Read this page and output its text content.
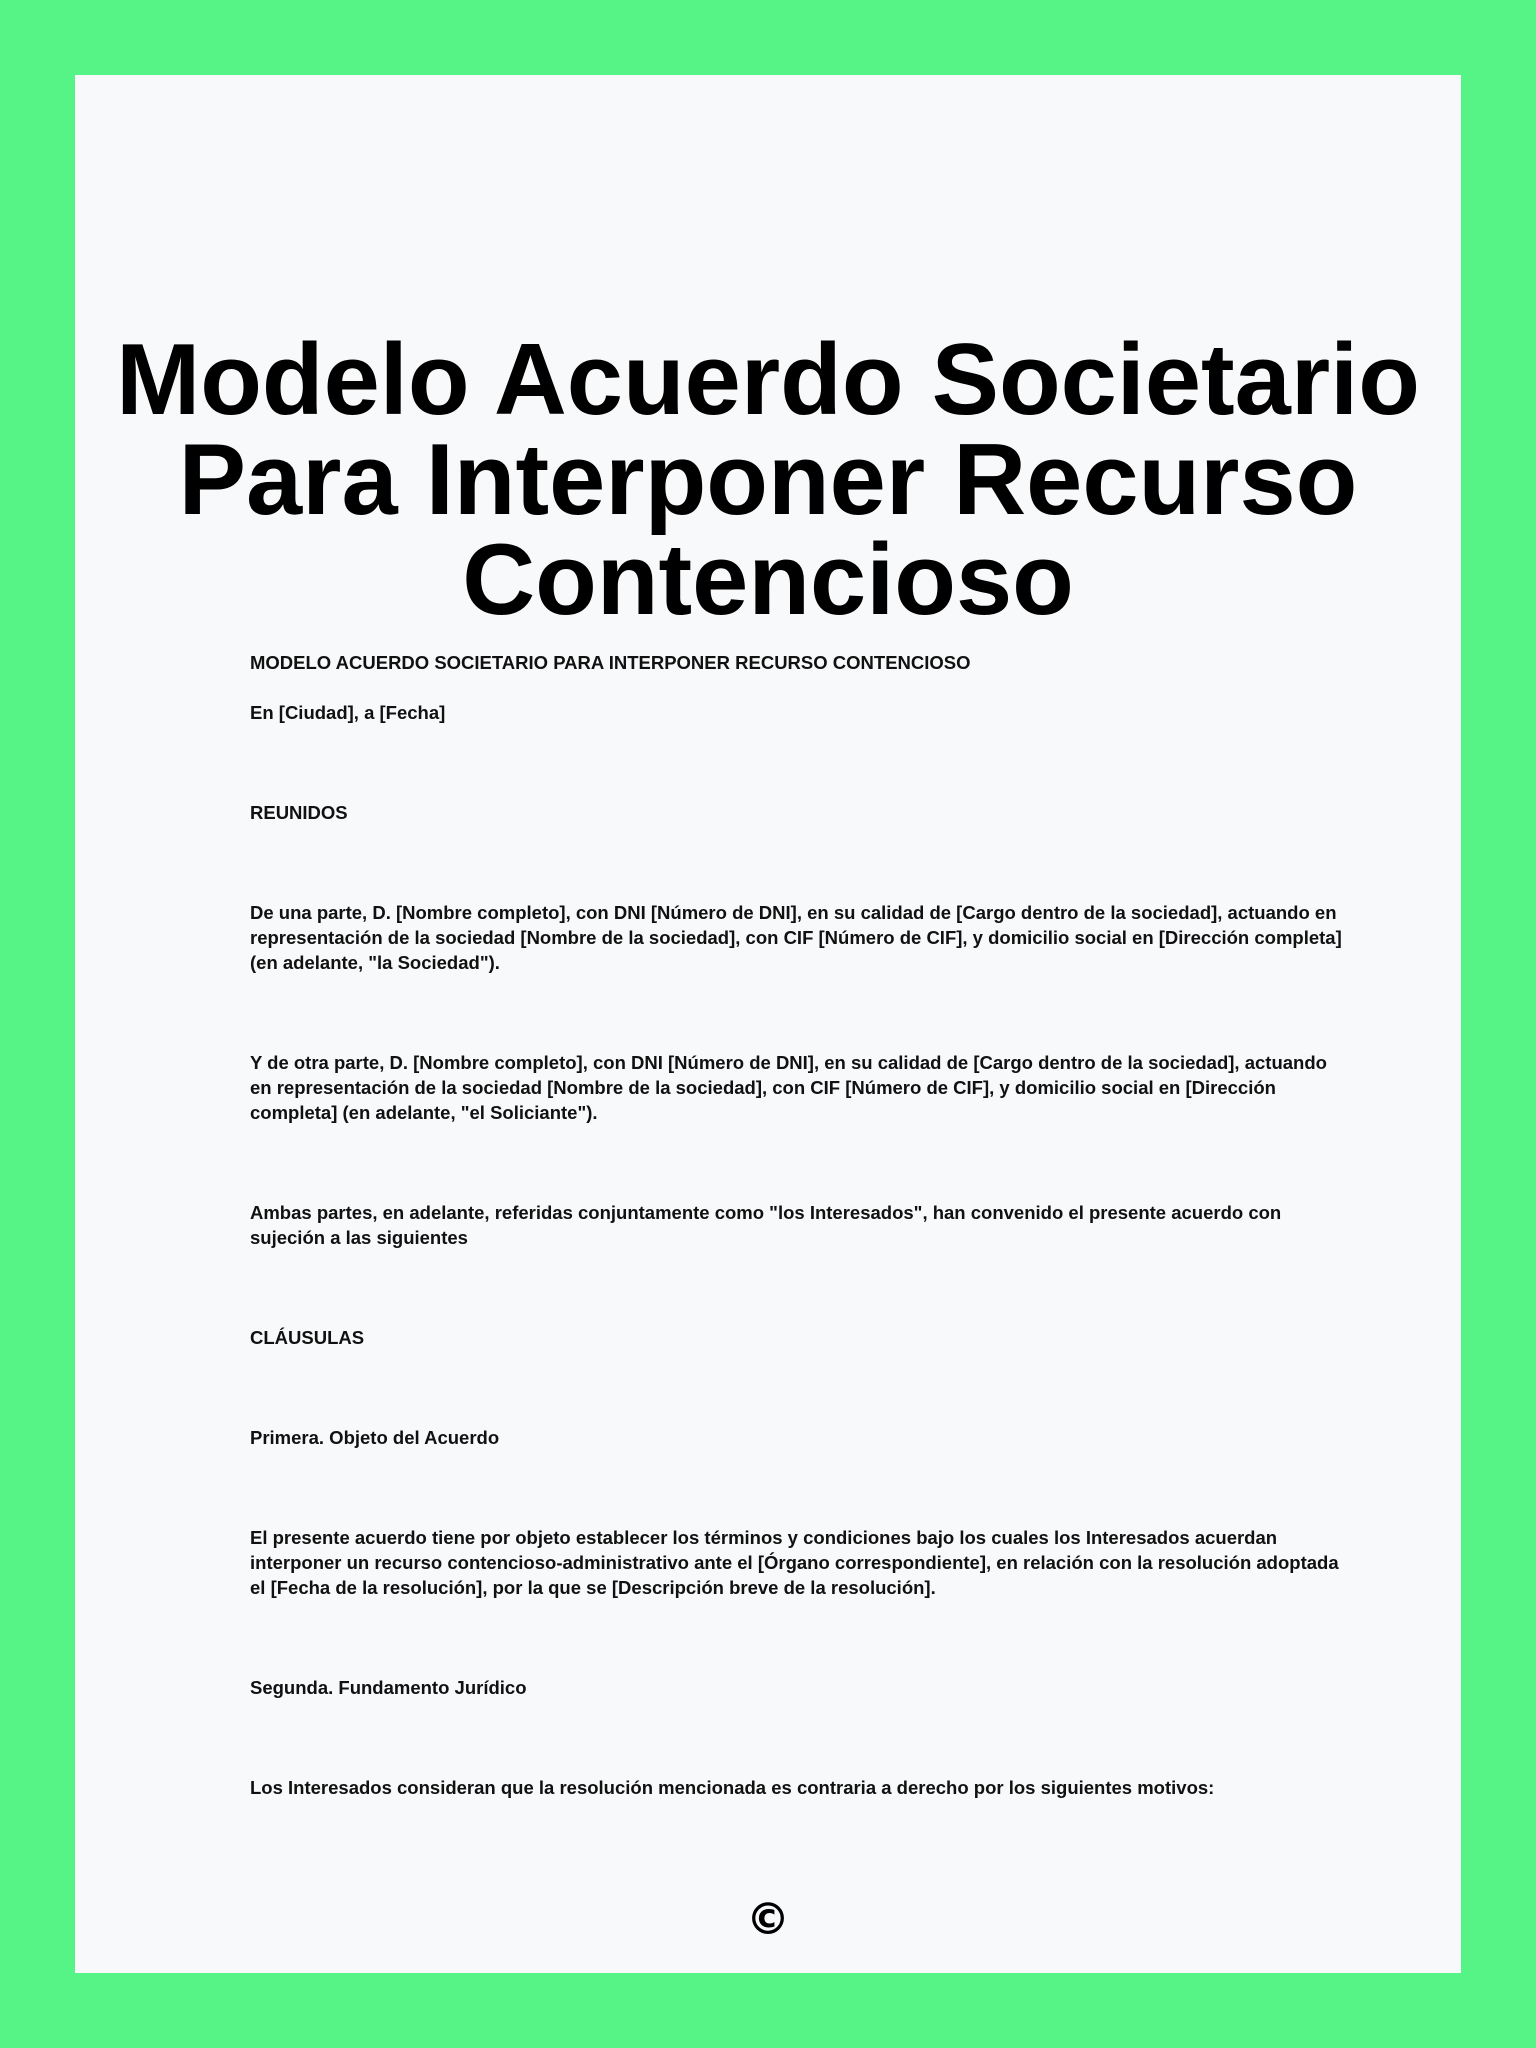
Modelo Acuerdo Societario Para Interponer Recurso Contencioso

MODELO ACUERDO SOCIETARIO PARA INTERPONER RECURSO CONTENCIOSO

En [Ciudad], a [Fecha]

REUNIDOS

De una parte, D. [Nombre completo], con DNI [Número de DNI], en su calidad de [Cargo dentro de la sociedad], actuando en representación de la sociedad [Nombre de la sociedad], con CIF [Número de CIF], y domicilio social en [Dirección completa] (en adelante, "la Sociedad").

Y de otra parte, D. [Nombre completo], con DNI [Número de DNI], en su calidad de [Cargo dentro de la sociedad], actuando en representación de la sociedad [Nombre de la sociedad], con CIF [Número de CIF], y domicilio social en [Dirección completa] (en adelante, "el Soliciante").

Ambas partes, en adelante, referidas conjuntamente como "los Interesados", han convenido el presente acuerdo con sujeción a las siguientes

CLÁUSULAS

Primera. Objeto del Acuerdo

El presente acuerdo tiene por objeto establecer los términos y condiciones bajo los cuales los Interesados acuerdan interponer un recurso contencioso-administrativo ante el [Órgano correspondiente], en relación con la resolución adoptada el [Fecha de la resolución], por la que se [Descripción breve de la resolución].

Segunda. Fundamento Jurídico

Los Interesados consideran que la resolución mencionada es contraria a derecho por los siguientes motivos:

©
